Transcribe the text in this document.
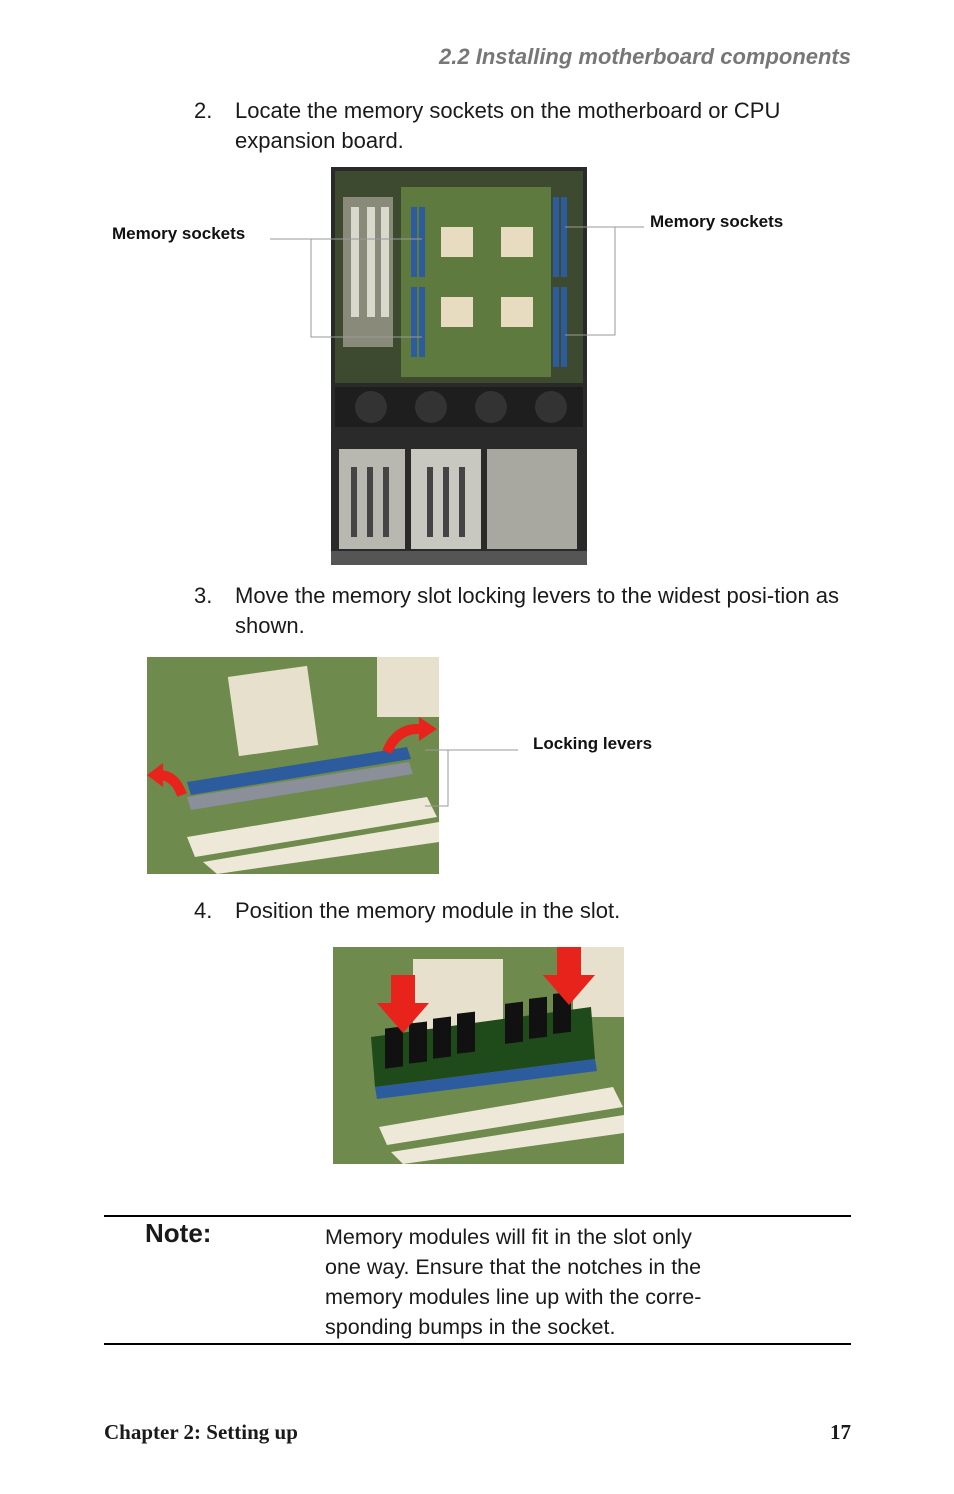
2.2 Installing motherboard components
2. Locate the memory sockets on the motherboard or CPU expansion board.
Memory sockets
Memory sockets
3. Move the memory slot locking levers to the widest posi-tion as shown.
Locking levers
4. Position the memory module in the slot.
Note:	Memory modules will fit in the slot only
one way. Ensure that the notches in the
memory modules line up with the corre-
sponding bumps in the socket.
Chapter 2: Setting up	17
